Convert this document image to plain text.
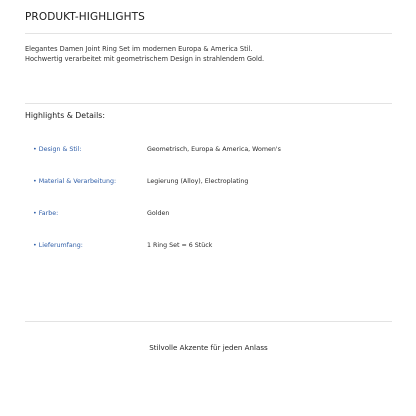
PRODUKT-HIGHLIGHTS

Elegantes Damen Joint Ring Set im modernen Europa & America Stil.

Hochwertig verarbeitet mit geometrischem Design in strahlendem Gold.

Highlights & Details:
• Design & Stil:	Geometrisch, Europa & America, Women's
• Material & Verarbeitung:	Legierung (Alloy), Electroplating
• Farbe:	Golden
• Lieferumfang:	1 Ring Set = 6 Stück
Stilvolle Akzente für jeden Anlass
